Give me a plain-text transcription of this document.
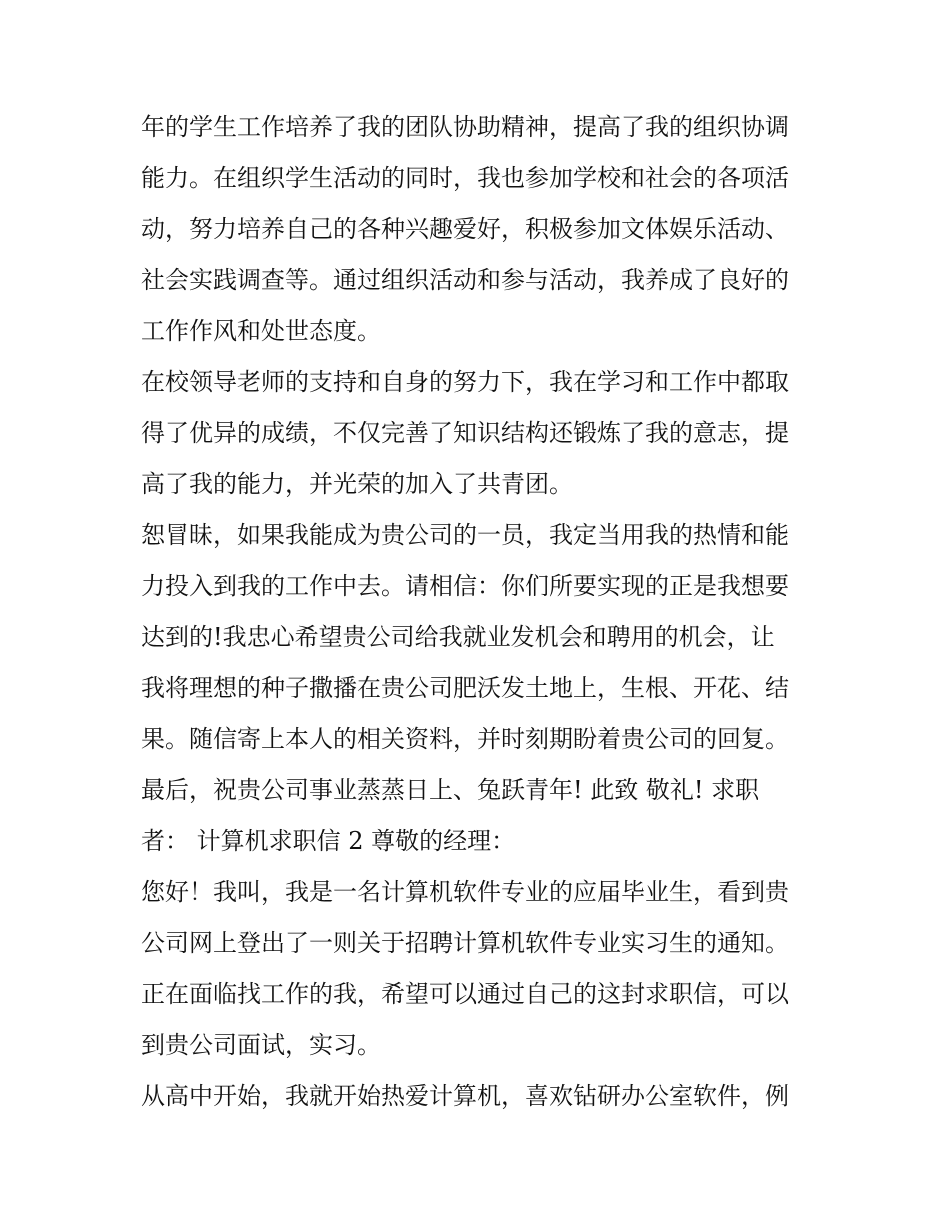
年的学生工作培养了我的团队协助精神，提高了我的组织协调
能力。在组织学生活动的同时，我也参加学校和社会的各项活
动，努力培养自己的各种兴趣爱好，积极参加文体娱乐活动、
社会实践调查等。通过组织活动和参与活动，我养成了良好的
工作作风和处世态度。
在校领导老师的支持和自身的努力下，我在学习和工作中都取
得了优异的成绩，不仅完善了知识结构还锻炼了我的意志，提
高了我的能力，并光荣的加入了共青团。
恕冒昧，如果我能成为贵公司的一员，我定当用我的热情和能
力投入到我的工作中去。请相信：你们所要实现的正是我想要
达到的!我忠心希望贵公司给我就业发机会和聘用的机会，让
我将理想的种子撒播在贵公司肥沃发土地上，生根、开花、结
果。随信寄上本人的相关资料，并时刻期盼着贵公司的回复。
最后，祝贵公司事业蒸蒸日上、兔跃青年! 此致 敬礼! 求职
者： 计算机求职信 2 尊敬的经理：
您好！我叫，我是一名计算机软件专业的应届毕业生，看到贵
公司网上登出了一则关于招聘计算机软件专业实习生的通知。
正在面临找工作的我，希望可以通过自己的这封求职信，可以
到贵公司面试，实习。
从高中开始，我就开始热爱计算机，喜欢钻研办公室软件，例
